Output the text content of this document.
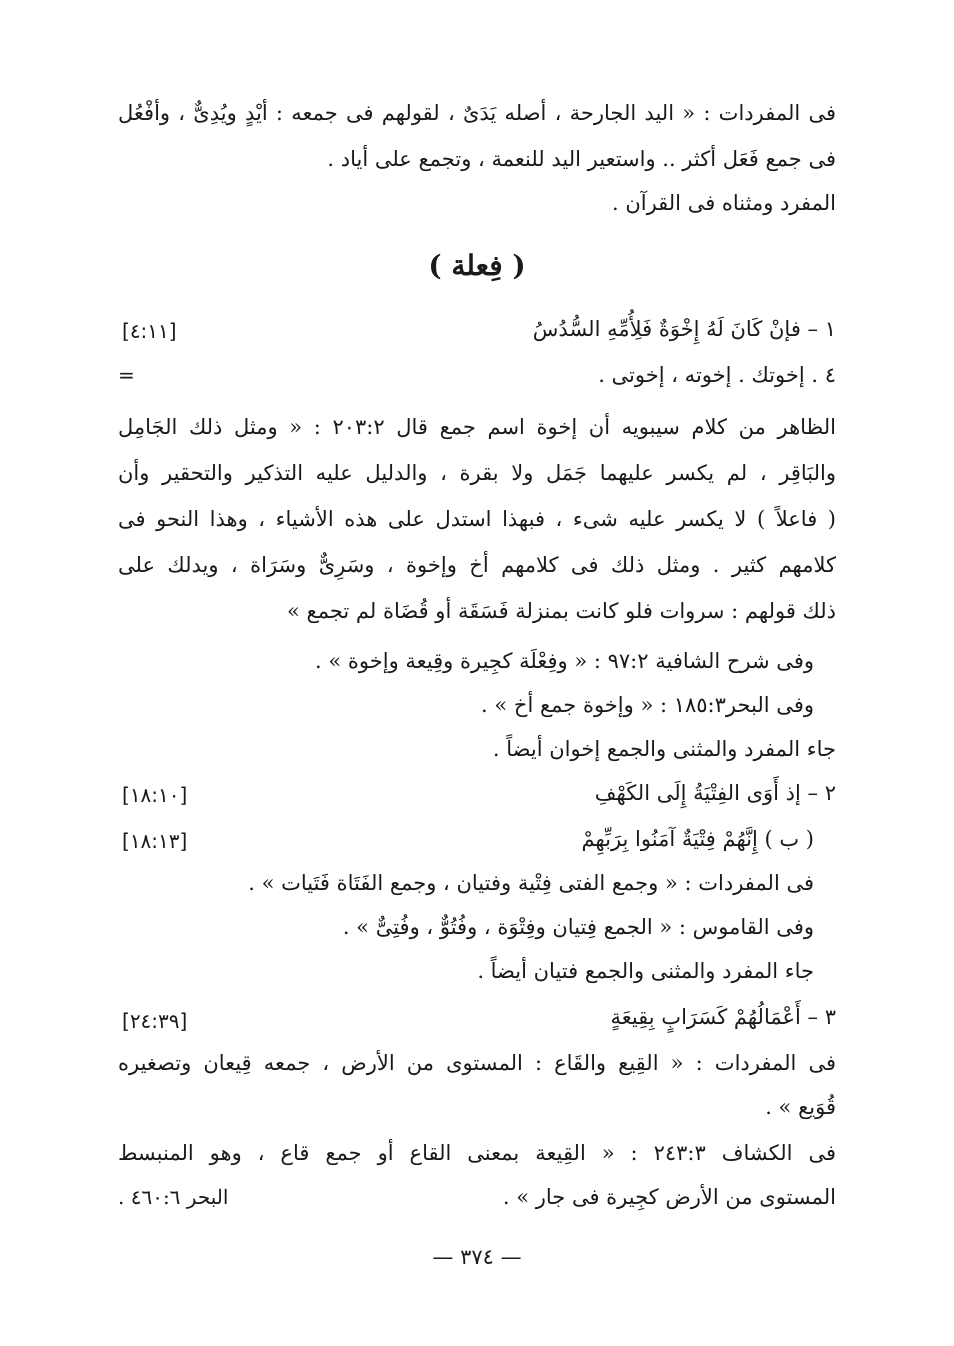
فى المفردات : « اليد الجارحة ، أصله يَدَىٌ ، لقولهم فى جمعه : أيْدٍ ويُدِىٌّ ، وأفْعُل
فى جمع فَعَل أكثر .. واستعير اليد للنعمة ، وتجمع على أياد .
المفرد ومثناه فى القرآن .
( فِعلة )
١ – فإنْ كَانَ لَهُ إِخْوَةٌ فَلِأُمِّهِ السُّدُسُ
[٤:١١]
٤ . إخوتك . إخوته ، إخوتى .
=
الظاهر من كلام سيبويه أن إخوة اسم جمع قال ٢٠٣:٢ : « ومثل ذلك الجَامِل
والبَاقِر ، لم يكسر عليهما جَمَل ولا بقرة ، والدليل عليه التذكير والتحقير وأن
( فاعلاً ) لا يكسر عليه شىء ، فبهذا استدل على هذه الأشياء ، وهذا النحو فى
كلامهم كثير . ومثل ذلك فى كلامهم أخ وإخوة ، وسَرِىٌّ وسَرَاة ، ويدلك على
ذلك قولهم : سروات فلو كانت بمنزلة فَسَقَة أو قُضَاة لم تجمع »
وفى شرح الشافية ٩٧:٢ : « وفِعْلَة كجِيرة وقِيعة وإخوة » .
وفى البحر١٨٥:٣ : « وإخوة جمع أخ » .
جاء المفرد والمثنى والجمع إخوان أيضاً .
٢ – إذ أَوَى الفِتْيَةُ إِلَى الكَهْفِ
[١٨:١٠]
( ب ) إِنَّهُمْ فِتْيَةٌ آمَنُوا بِرَبِّهِمْ
[١٨:١٣]
فى المفردات : « وجمع الفتى فِتْية وفتيان ، وجمع الفَتَاة فَتَيات » .
وفى القاموس : « الجمع فِتيان وفِتْوَة ، وفُتُوٌّ ، وفُتِىٌّ » .
جاء المفرد والمثنى والجمع فتيان أيضاً .
٣ – أَعْمَالُهُمْ كَسَرَابٍ بِقِيعَةٍ
[٢٤:٣٩]
فى المفردات : « القِيع والقَاع : المستوى من الأرض ، جمعه قِيعان وتصغيره
قُوَيع » .
فى الكشاف ٢٤٣:٣ : « القِيعة بمعنى القاع أو جمع قاع ، وهو المنبسط
المستوى من الأرض كجِيرة فى جار » .
البحر ٤٦٠:٦ .
— ٣٧٤ —
